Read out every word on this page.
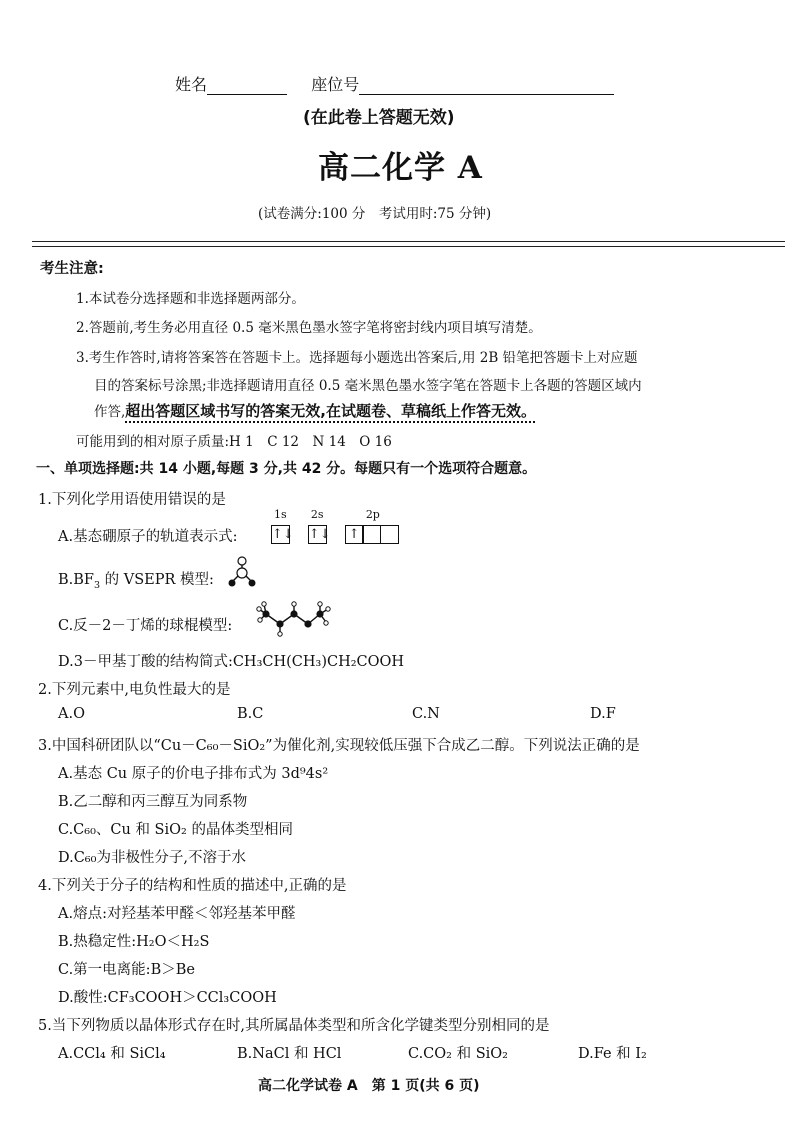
姓名	座位号
(在此卷上答题无效)
高二化学 A
(试卷满分:100 分　考试用时:75 分钟)
考生注意:
1.本试卷分选择题和非选择题两部分。
2.答题前,考生务必用直径 0.5 毫米黑色墨水签字笔将密封线内项目填写清楚。
3.考生作答时,请将答案答在答题卡上。选择题每小题选出答案后,用 2B 铅笔把答题卡上对应题
目的答案标号涂黑;非选择题请用直径 0.5 毫米黑色墨水签字笔在答题卡上各题的答题区域内
作答,超出答题区域书写的答案无效,在试题卷、草稿纸上作答无效。
可能用到的相对原子质量:H 1　C 12　N 14　O 16
一、单项选择题:共 14 小题,每题 3 分,共 42 分。每题只有一个选项符合题意。
1.下列化学用语使用错误的是
A.基态硼原子的轨道表示式:
1s
↑↓
2s
↑↓
2p
↑
$B.BF_3$ 的 VSEPR 模型:
C.反－2－丁烯的球棍模型:
D.3－甲基丁酸的结构简式:CH₃CH(CH₃)CH₂COOH
2.下列元素中,电负性最大的是
A.O	B.C	C.N	D.F
3.中国科研团队以“Cu－C₆₀－SiO₂”为催化剂,实现较低压强下合成乙二醇。下列说法正确的是
A.基态 Cu 原子的价电子排布式为 3d⁹4s²
B.乙二醇和丙三醇互为同系物
C.C₆₀、Cu 和 SiO₂ 的晶体类型相同
D.C₆₀为非极性分子,不溶于水
4.下列关于分子的结构和性质的描述中,正确的是
A.熔点:对羟基苯甲醛＜邻羟基苯甲醛
B.热稳定性:H₂O＜H₂S
C.第一电离能:B＞Be
D.酸性:CF₃COOH＞CCl₃COOH
5.当下列物质以晶体形式存在时,其所属晶体类型和所含化学键类型分别相同的是
A.CCl₄ 和 SiCl₄	B.NaCl 和 HCl	C.CO₂ 和 SiO₂	D.Fe 和 I₂
高二化学试卷 A　第 1 页(共 6 页)
